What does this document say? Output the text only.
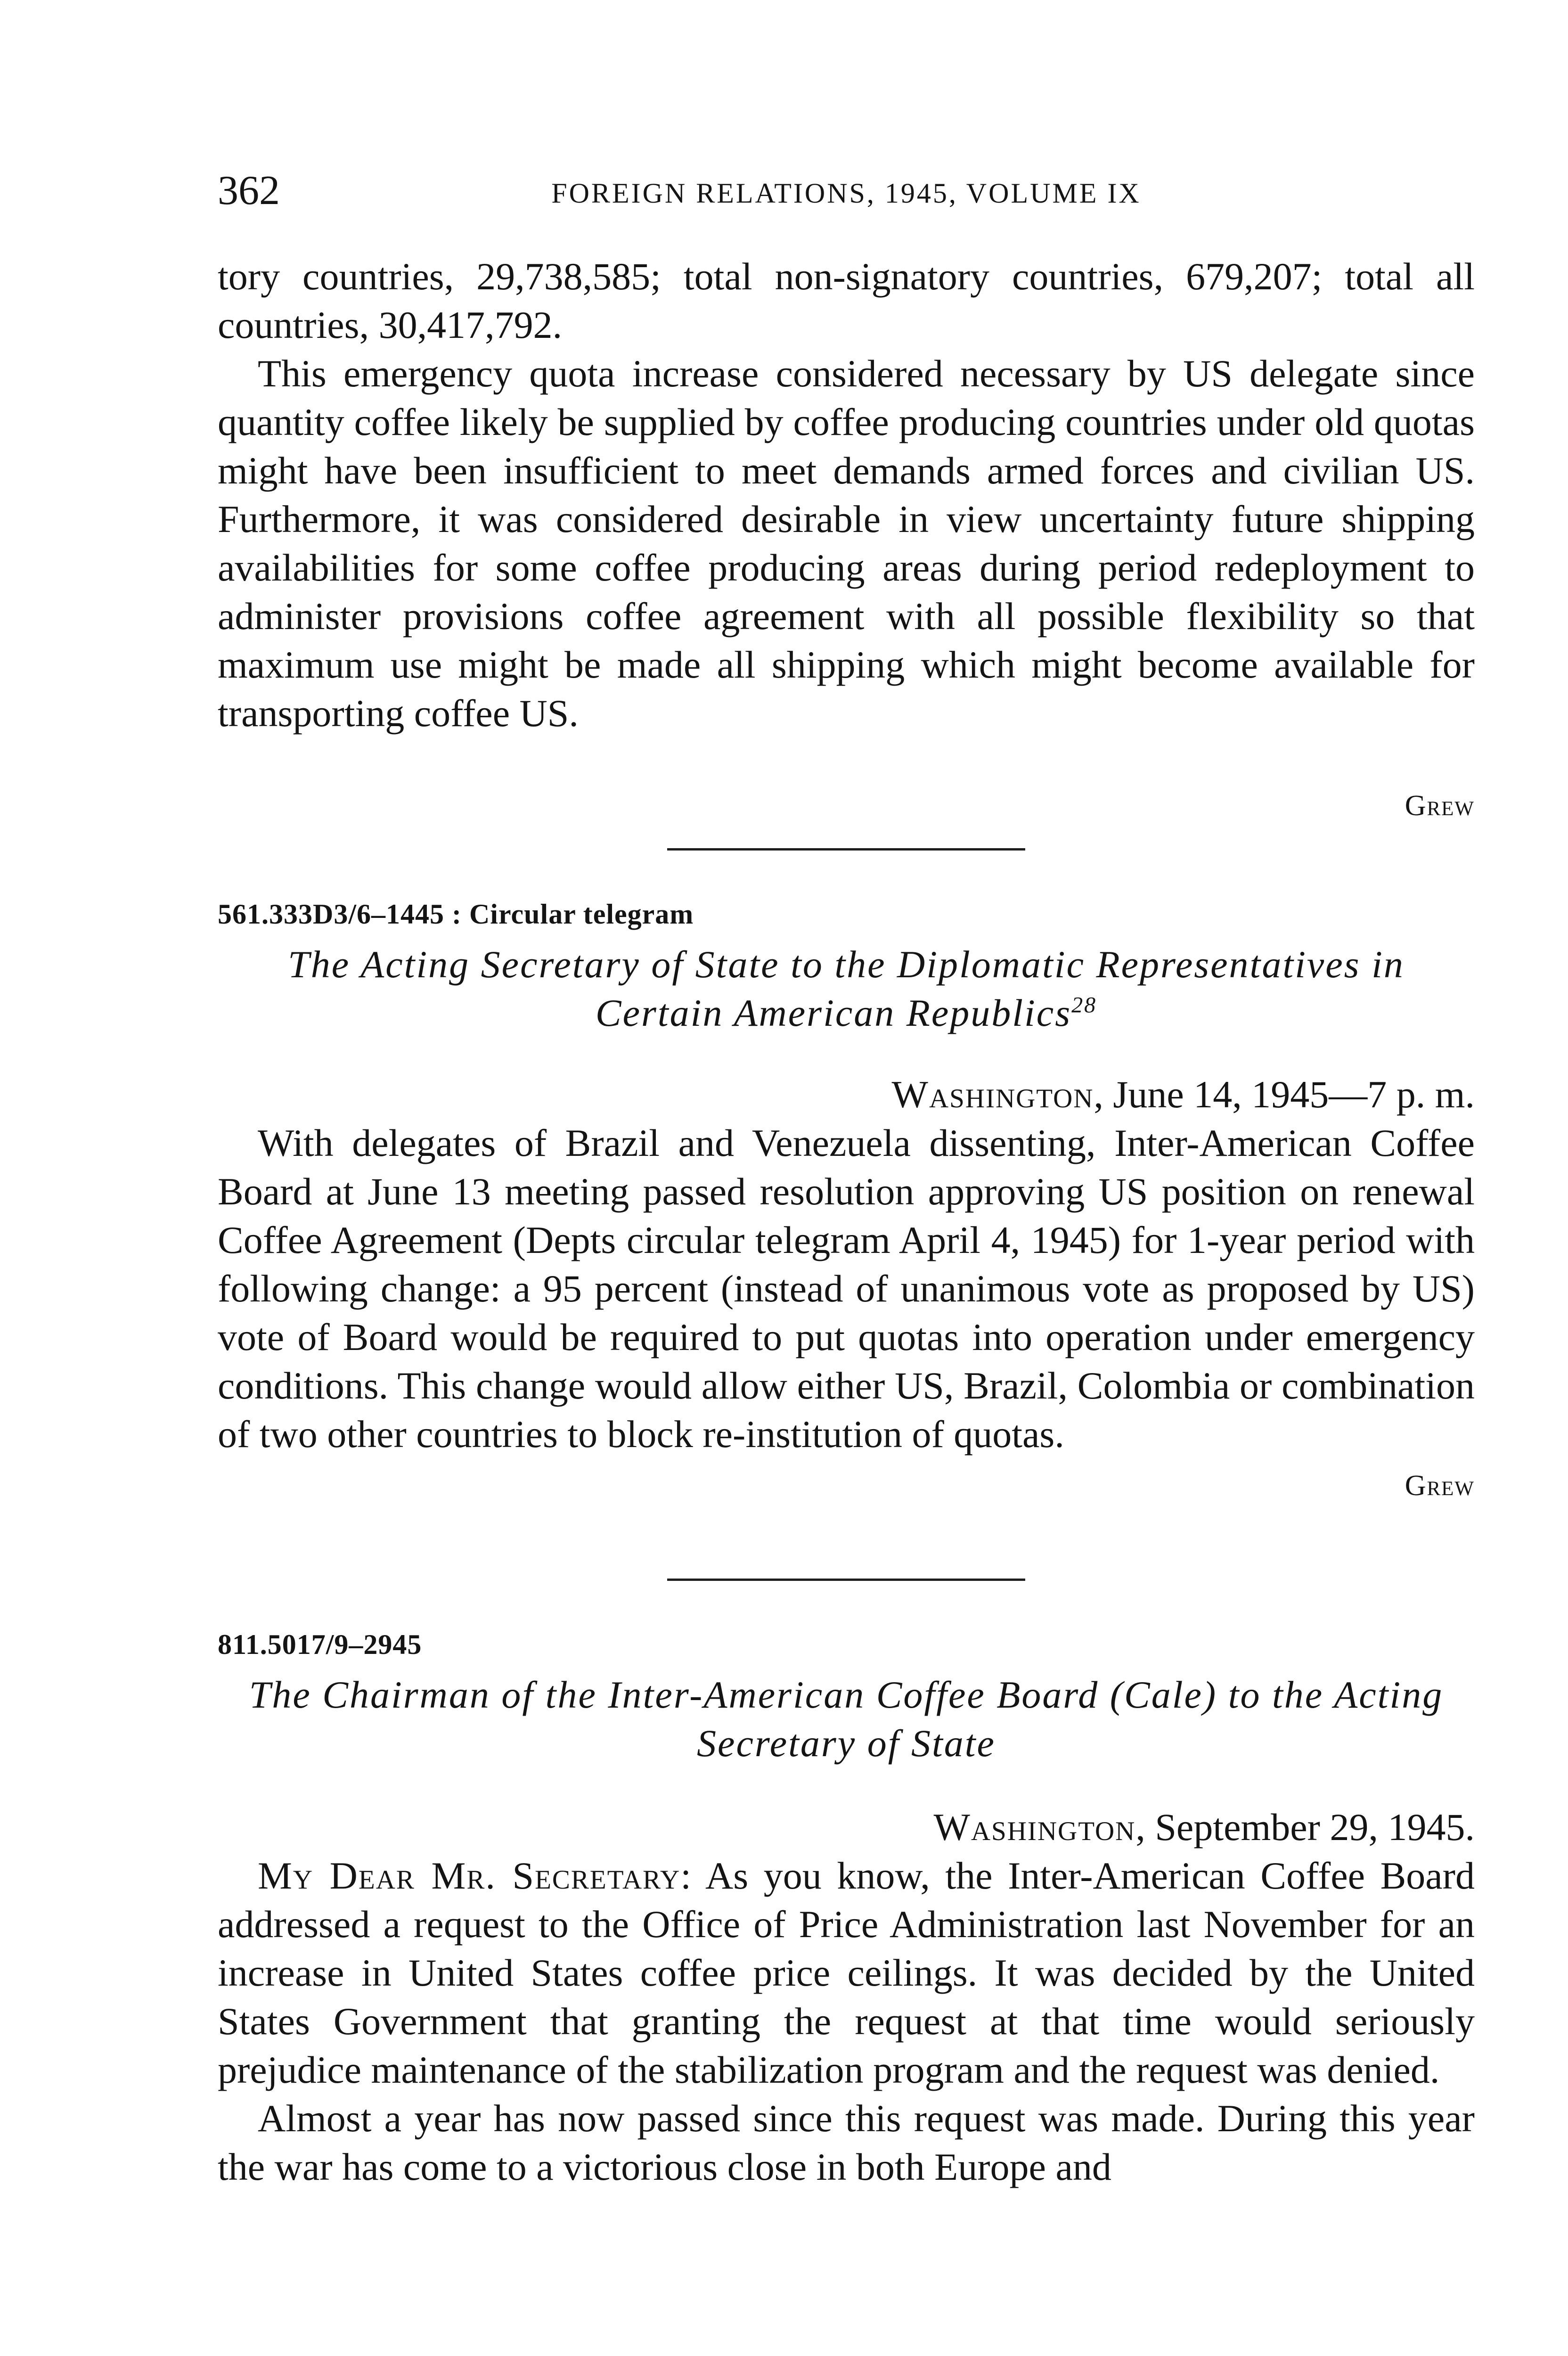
362	FOREIGN RELATIONS, 1945, VOLUME IX

tory countries, 29,738,585; total non-signatory countries, 679,207; total all countries, 30,417,792.

This emergency quota increase considered necessary by US delegate since quantity coffee likely be supplied by coffee producing countries under old quotas might have been insufficient to meet demands armed forces and civilian US. Furthermore, it was considered desirable in view uncertainty future shipping availabilities for some coffee producing areas during period redeployment to administer provisions coffee agreement with all possible flexibility so that maximum use might be made all shipping which might become available for transporting coffee US.

Grew

561.333D3/6–1445 : Circular telegram

The Acting Secretary of State to the Diplomatic Representatives in Certain American Republics$^{28}$

Washington, June 14, 1945—7 p. m.

With delegates of Brazil and Venezuela dissenting, Inter-American Coffee Board at June 13 meeting passed resolution approving US position on renewal Coffee Agreement (Depts circular telegram April 4, 1945) for 1-year period with following change: a 95 percent (instead of unanimous vote as proposed by US) vote of Board would be required to put quotas into operation under emergency conditions. This change would allow either US, Brazil, Colombia or combination of two other countries to block re-institution of quotas.

Grew

811.5017/9–2945

The Chairman of the Inter-American Coffee Board (Cale) to the Acting Secretary of State

Washington, September 29, 1945.

My Dear Mr. Secretary: As you know, the Inter-American Coffee Board addressed a request to the Office of Price Administration last November for an increase in United States coffee price ceilings. It was decided by the United States Government that granting the request at that time would seriously prejudice maintenance of the stabilization program and the request was denied.

Almost a year has now passed since this request was made. During this year the war has come to a victorious close in both Europe and
